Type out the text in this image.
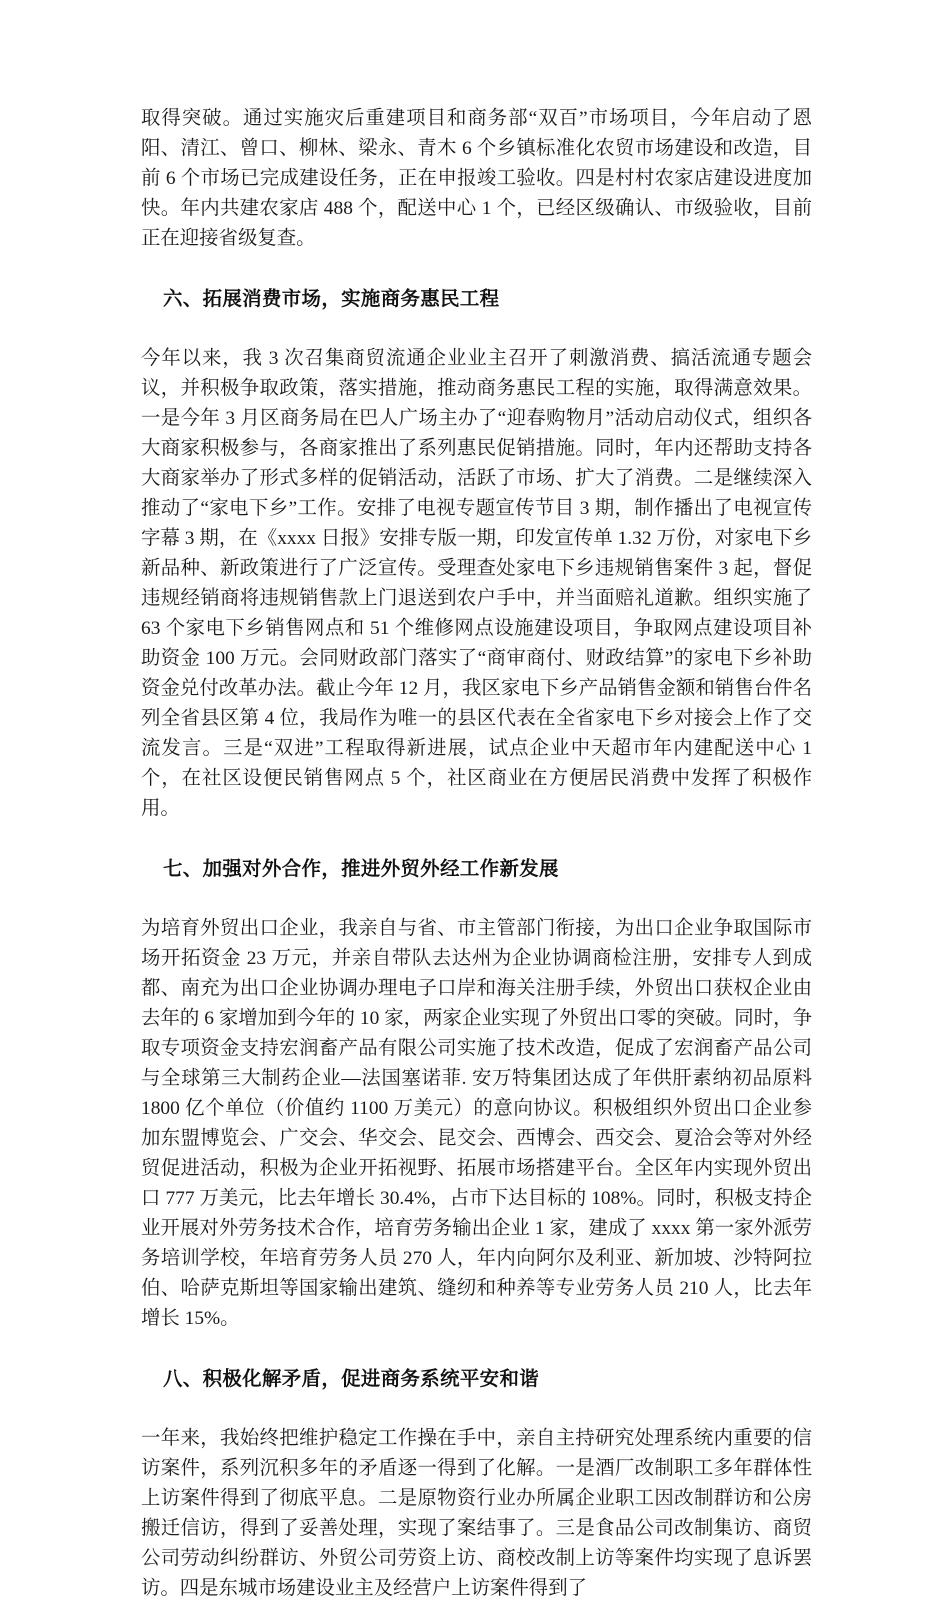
取得突破。通过实施灾后重建项目和商务部“双百”市场项目，今年启动了恩阳、清江、曾口、柳林、梁永、青木 6 个乡镇标准化农贸市场建设和改造，目前 6 个市场已完成建设任务，正在申报竣工验收。四是村村农家店建设进度加快。年内共建农家店 488 个，配送中心 1 个，已经区级确认、市级验收，目前正在迎接省级复查。

六、拓展消费市场，实施商务惠民工程

今年以来，我 3 次召集商贸流通企业业主召开了刺激消费、搞活流通专题会议，并积极争取政策，落实措施，推动商务惠民工程的实施，取得满意效果。一是今年 3 月区商务局在巴人广场主办了“迎春购物月”活动启动仪式，组织各大商家积极参与，各商家推出了系列惠民促销措施。同时，年内还帮助支持各大商家举办了形式多样的促销活动，活跃了市场、扩大了消费。二是继续深入推动了“家电下乡”工作。安排了电视专题宣传节目 3 期，制作播出了电视宣传字幕 3 期，在《xxxx 日报》安排专版一期，印发宣传单 1.32 万份，对家电下乡新品种、新政策进行了广泛宣传。受理查处家电下乡违规销售案件 3 起，督促违规经销商将违规销售款上门退送到农户手中，并当面赔礼道歉。组织实施了 63 个家电下乡销售网点和 51 个维修网点设施建设项目，争取网点建设项目补助资金 100 万元。会同财政部门落实了“商审商付、财政结算”的家电下乡补助资金兑付改革办法。截止今年 12 月，我区家电下乡产品销售金额和销售台件名列全省县区第 4 位，我局作为唯一的县区代表在全省家电下乡对接会上作了交流发言。三是“双进”工程取得新进展，试点企业中天超市年内建配送中心 1 个，在社区设便民销售网点 5 个，社区商业在方便居民消费中发挥了积极作用。

七、加强对外合作，推进外贸外经工作新发展

为培育外贸出口企业，我亲自与省、市主管部门衔接，为出口企业争取国际市场开拓资金 23 万元，并亲自带队去达州为企业协调商检注册，安排专人到成都、南充为出口企业协调办理电子口岸和海关注册手续，外贸出口获权企业由去年的 6 家增加到今年的 10 家，两家企业实现了外贸出口零的突破。同时，争取专项资金支持宏润畜产品有限公司实施了技术改造，促成了宏润畜产品公司与全球第三大制药企业—法国塞诺菲. 安万特集团达成了年供肝素纳初品原料 1800 亿个单位（价值约 1100 万美元）的意向协议。积极组织外贸出口企业参加东盟博览会、广交会、华交会、昆交会、西博会、西交会、夏洽会等对外经贸促进活动，积极为企业开拓视野、拓展市场搭建平台。全区年内实现外贸出口 777 万美元，比去年增长 30.4%，占市下达目标的 108%。同时，积极支持企业开展对外劳务技术合作，培育劳务输出企业 1 家，建成了 xxxx 第一家外派劳务培训学校，年培育劳务人员 270 人，年内向阿尔及利亚、新加坡、沙特阿拉伯、哈萨克斯坦等国家输出建筑、缝纫和种养等专业劳务人员 210 人，比去年增长 15%。

八、积极化解矛盾，促进商务系统平安和谐

一年来，我始终把维护稳定工作操在手中，亲自主持研究处理系统内重要的信访案件，系列沉积多年的矛盾逐一得到了化解。一是酒厂改制职工多年群体性上访案件得到了彻底平息。二是原物资行业办所属企业职工因改制群访和公房搬迁信访，得到了妥善处理，实现了案结事了。三是食品公司改制集访、商贸公司劳动纠纷群访、外贸公司劳资上访、商校改制上访等案件均实现了息诉罢访。四是东城市场建设业主及经营户上访案件得到了
